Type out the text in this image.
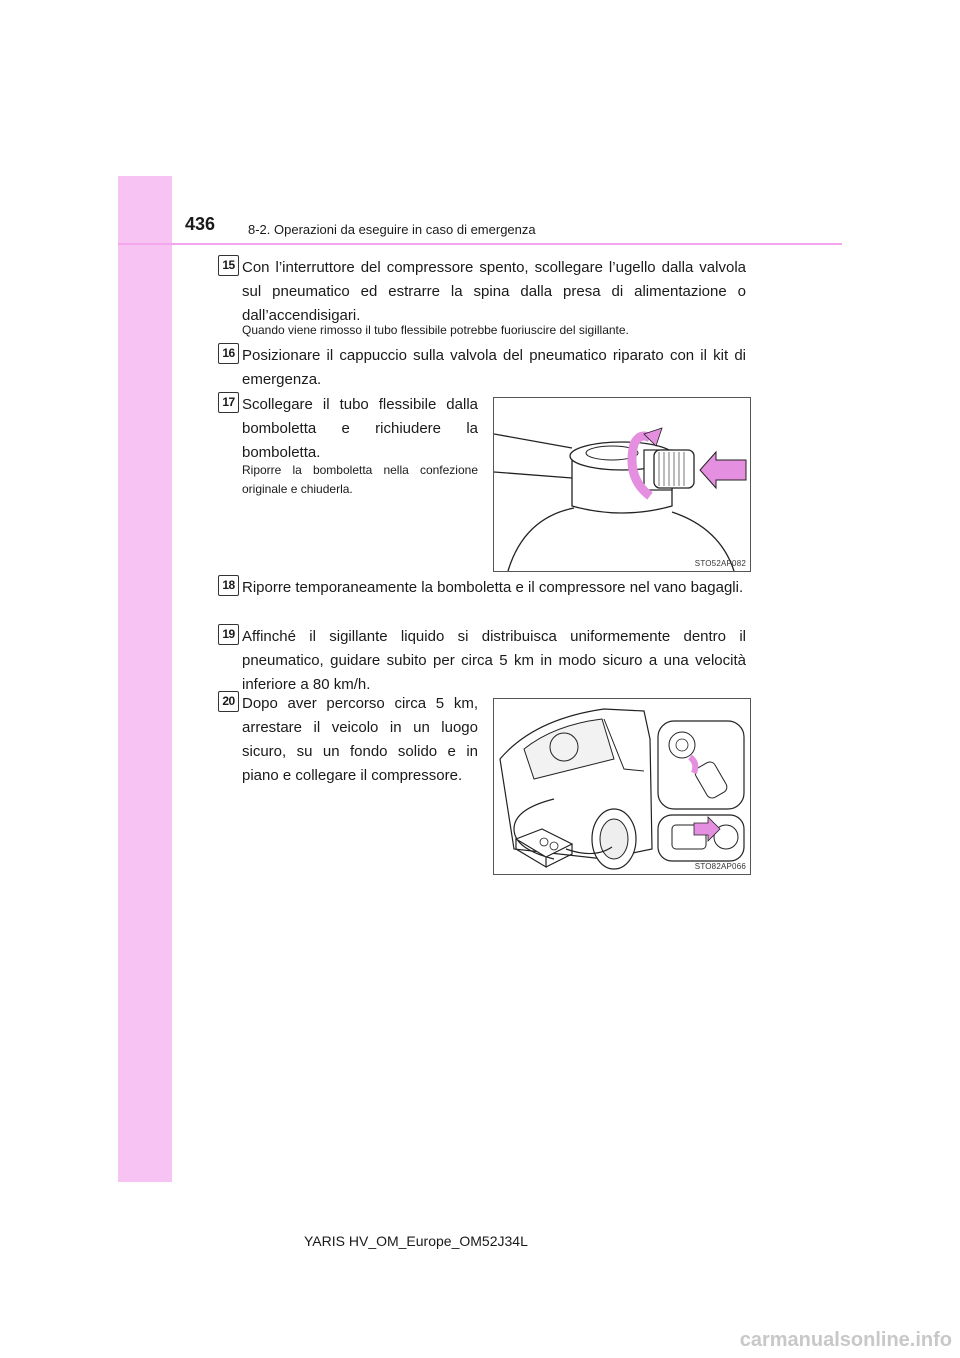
436	8-2. Operazioni da eseguire in caso di emergenza
15 Con l’interruttore del compressore spento, scollegare l’ugello dalla valvola sul pneumatico ed estrarre la spina dalla presa di alimentazione o dall’accendisigari.
Quando viene rimosso il tubo flessibile potrebbe fuoriuscire del sigillante.
16 Posizionare il cappuccio sulla valvola del pneumatico riparato con il kit di emergenza.
17 Scollegare il tubo flessibile dalla bomboletta e richiudere la bomboletta.
Riporre la bomboletta nella confezione originale e chiuderla.
STO52AP082
18 Riporre temporaneamente la bomboletta e il compressore nel vano bagagli.
19 Affinché il sigillante liquido si distribuisca uniformemente dentro il pneumatico, guidare subito per circa 5 km in modo sicuro a una velocità inferiore a 80 km/h.
20 Dopo aver percorso circa 5 km, arrestare il veicolo in un luogo sicuro, su un fondo solido e in piano e collegare il compressore.
STO82AP066
YARIS HV_OM_Europe_OM52J34L
carmanualsonline.info
